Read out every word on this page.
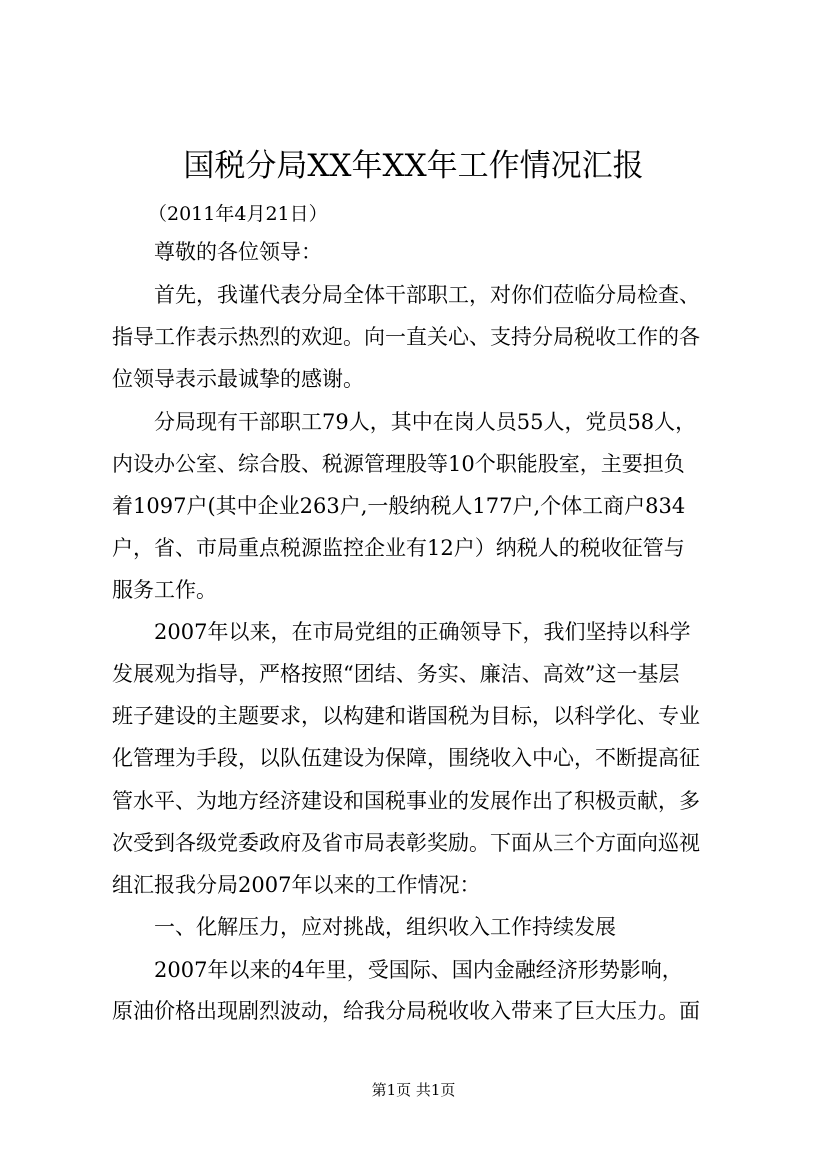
国税分局XX年XX年工作情况汇报
（2011年4月21日）
尊敬的各位领导：
首先，我谨代表分局全体干部职工，对你们莅临分局检查、
指导工作表示热烈的欢迎。向一直关心、支持分局税收工作的各
位领导表示最诚挚的感谢。
分局现有干部职工79人，其中在岗人员55人，党员58人，
内设办公室、综合股、税源管理股等10个职能股室，主要担负
着1097户(其中企业263户,一般纳税人177户,个体工商户834
户，省、市局重点税源监控企业有12户）纳税人的税收征管与
服务工作。
2007年以来，在市局党组的正确领导下，我们坚持以科学
发展观为指导，严格按照“团结、务实、廉洁、高效”这一基层
班子建设的主题要求，以构建和谐国税为目标，以科学化、专业
化管理为手段，以队伍建设为保障，围绕收入中心，不断提高征
管水平、为地方经济建设和国税事业的发展作出了积极贡献，多
次受到各级党委政府及省市局表彰奖励。下面从三个方面向巡视
组汇报我分局2007年以来的工作情况：
一、化解压力，应对挑战，组织收入工作持续发展
2007年以来的4年里，受国际、国内金融经济形势影响，
原油价格出现剧烈波动，给我分局税收收入带来了巨大压力。面
第1页 共1页
